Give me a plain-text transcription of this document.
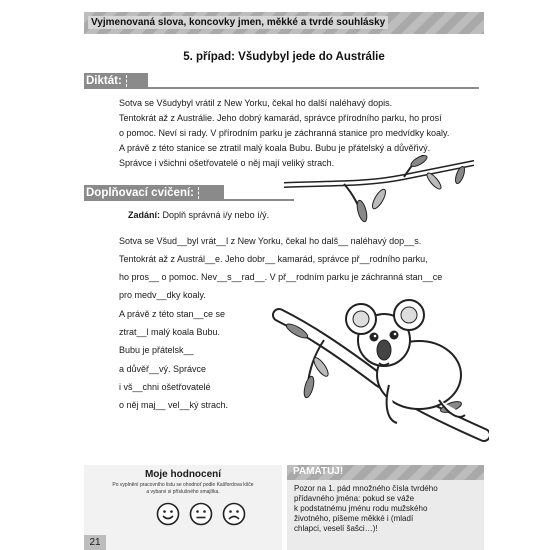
Vyjmenovaná slova, koncovky jmen, měkké a tvrdé souhlásky
5. případ: Všudybyl jede do Austrálie
Diktát:

Sotva se Všudybyl vrátil z New Yorku, čekal ho další naléhavý dopis.

Tentokrát až z Austrálie. Jeho dobrý kamarád, správce přírodního parku, ho prosí

o pomoc. Neví si rady. V přírodním parku je záchranná stanice pro medvídky koaly.

A právě z této stanice se ztratil malý koala Bubu. Bubu je přátelský a důvěřivý.

Správce i všichni ošetřovatelé o něj mají veliký strach.

Doplňovací cvičení:
Zadání: Doplň správná i/y nebo í/ý.
Sotva se Všud__byl vrát__l z New Yorku, čekal ho dalš__ naléhavý dop__s.
Tentokrát až z Austrál__e. Jeho dobr__ kamarád, správce př__rodního parku,
ho pros__ o pomoc. Nev__s__rad__. V př__rodním parku je záchranná stan__ce
pro medv__dky koaly.
A právě z této stan__ce se
ztrat__l malý koala Bubu.
Bubu je přátelsk__
a důvěř__vý. Správce
i vš__chni ošetřovatelé
o něj maj__ vel__ký strach.
Moje hodnocení
Po vyplnění pracovního listu se ohodnoť podle Kašfordova klíče
a vybarvi si příslušného smajlíka.
21
PAMATUJ!

Pozor na 1. pád množného čísla tvrdého

přídavného jména: pokud se váže

k podstatnému jménu rodu mužského

životného, píšeme měkké i (mladí

chlapci, veselí šašci…)!
